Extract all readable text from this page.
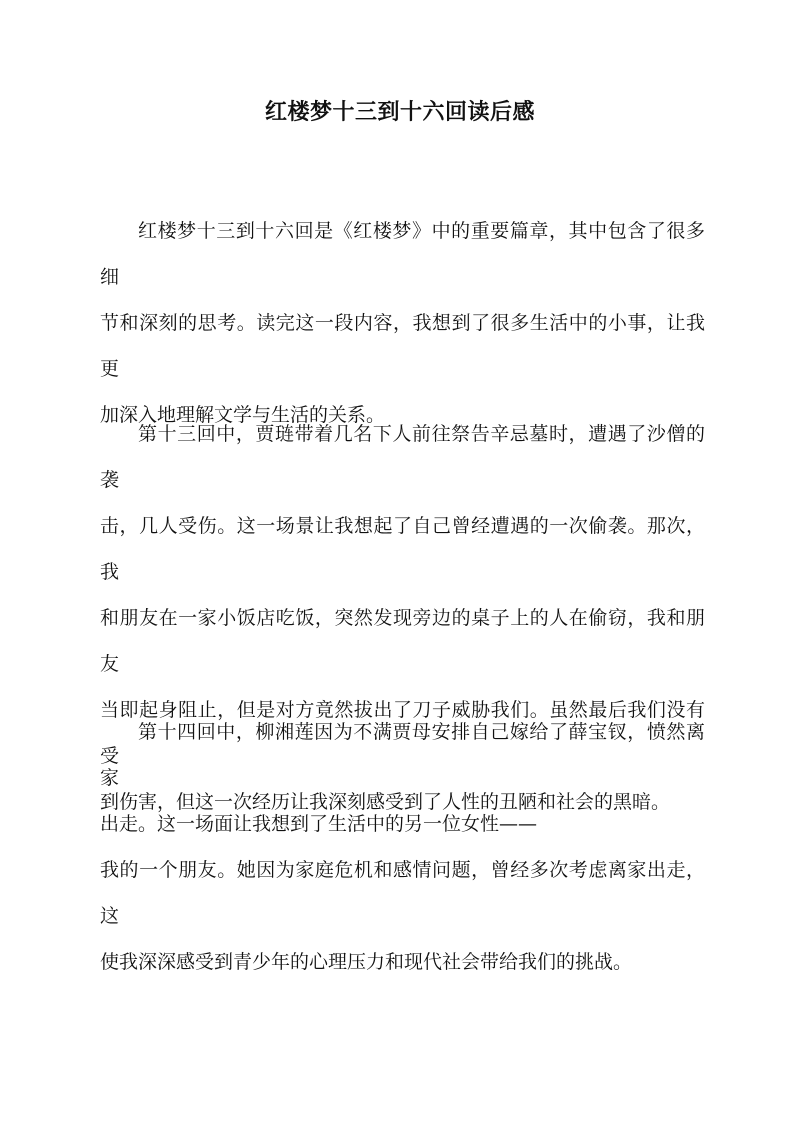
红楼梦十三到十六回读后感
红楼梦十三到十六回是《红楼梦》中的重要篇章，其中包含了很多细
节和深刻的思考。读完这一段内容，我想到了很多生活中的小事，让我更
加深入地理解文学与生活的关系。
第十三回中，贾琏带着几名下人前往祭告辛忌墓时，遭遇了沙僧的袭
击，几人受伤。这一场景让我想起了自己曾经遭遇的一次偷袭。那次，我
和朋友在一家小饭店吃饭，突然发现旁边的桌子上的人在偷窃，我和朋友
当即起身阻止，但是对方竟然拔出了刀子威胁我们。虽然最后我们没有受
到伤害，但这一次经历让我深刻感受到了人性的丑陋和社会的黑暗。
第十四回中，柳湘莲因为不满贾母安排自己嫁给了薛宝钗，愤然离家
出走。这一场面让我想到了生活中的另一位女性——
我的一个朋友。她因为家庭危机和感情问题，曾经多次考虑离家出走，这
使我深深感受到青少年的心理压力和现代社会带给我们的挑战。
